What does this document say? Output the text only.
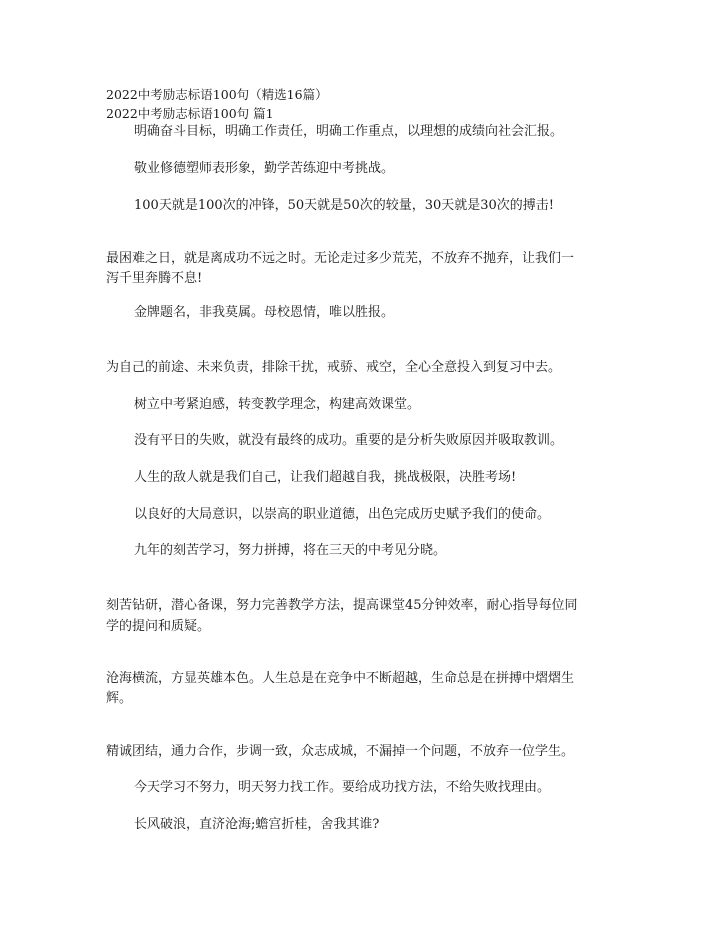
2022中考励志标语100句（精选16篇）
2022中考励志标语100句 篇1
明确奋斗目标，明确工作责任，明确工作重点，以理想的成绩向社会汇报。
敬业修德塑师表形象，勤学苦练迎中考挑战。
100天就是100次的冲锋，50天就是50次的较量，30天就是30次的搏击!
最困难之日，就是离成功不远之时。无论走过多少荒芜，不放弃不抛弃，让我们一
泻千里奔腾不息!
金牌题名，非我莫属。母校恩情，唯以胜报。
为自己的前途、未来负责，排除干扰，戒骄、戒空，全心全意投入到复习中去。
树立中考紧迫感，转变教学理念，构建高效课堂。
没有平日的失败，就没有最终的成功。重要的是分析失败原因并吸取教训。
人生的敌人就是我们自己，让我们超越自我，挑战极限，决胜考场!
以良好的大局意识，以崇高的职业道德，出色完成历史赋予我们的使命。
九年的刻苦学习，努力拼搏，将在三天的中考见分晓。
刻苦钻研，潜心备课，努力完善教学方法，提高课堂45分钟效率，耐心指导每位同
学的提问和质疑。
沧海横流，方显英雄本色。人生总是在竞争中不断超越，生命总是在拼搏中熠熠生
辉。
精诚团结，通力合作，步调一致，众志成城，不漏掉一个问题，不放弃一位学生。
今天学习不努力，明天努力找工作。要给成功找方法，不给失败找理由。
长风破浪，直济沧海;蟾宫折桂，舍我其谁?
